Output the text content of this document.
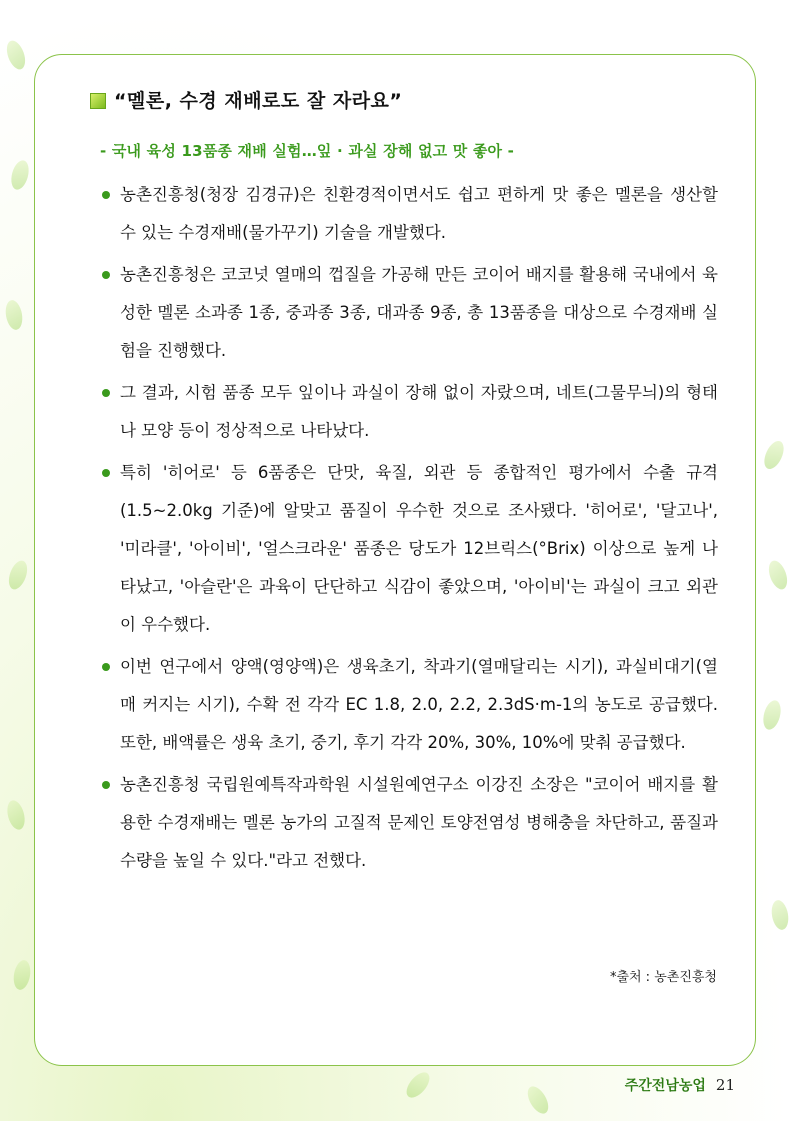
“멜론, 수경 재배로도 잘 자라요”
- 국내 육성 13품종 재배 실험…잎 · 과실 장해 없고 맛 좋아 -
농촌진흥청(청장 김경규)은 친환경적이면서도 쉽고 편하게 맛 좋은 멜론을 생산할 수 있는 수경재배(물가꾸기) 기술을 개발했다.
농촌진흥청은 코코넛 열매의 껍질을 가공해 만든 코이어 배지를 활용해 국내에서 육성한 멜론 소과종 1종, 중과종 3종, 대과종 9종, 총 13품종을 대상으로 수경재배 실험을 진행했다.
그 결과, 시험 품종 모두 잎이나 과실이 장해 없이 자랐으며, 네트(그물무늬)의 형태나 모양 등이 정상적으로 나타났다.
특히 '히어로' 등 6품종은 단맛, 육질, 외관 등 종합적인 평가에서 수출 규격(1.5~2.0kg 기준)에 알맞고 품질이 우수한 것으로 조사됐다. '히어로', '달고나', '미라클', '아이비', '얼스크라운' 품종은 당도가 12브릭스(°Brix) 이상으로 높게 나타났고, '아슬란'은 과육이 단단하고 식감이 좋았으며, '아이비'는 과실이 크고 외관이 우수했다.
이번 연구에서 양액(영양액)은 생육초기, 착과기(열매달리는 시기), 과실비대기(열매 커지는 시기), 수확 전 각각 EC 1.8, 2.0, 2.2, 2.3dS·m-1의 농도로 공급했다. 또한, 배액률은 생육 초기, 중기, 후기 각각 20%, 30%, 10%에 맞춰 공급했다.
농촌진흥청 국립원예특작과학원 시설원예연구소 이강진 소장은 "코이어 배지를 활용한 수경재배는 멜론 농가의 고질적 문제인 토양전염성 병해충을 차단하고, 품질과 수량을 높일 수 있다."라고 전했다.
*출처 : 농촌진흥청
주간전남농업 21
